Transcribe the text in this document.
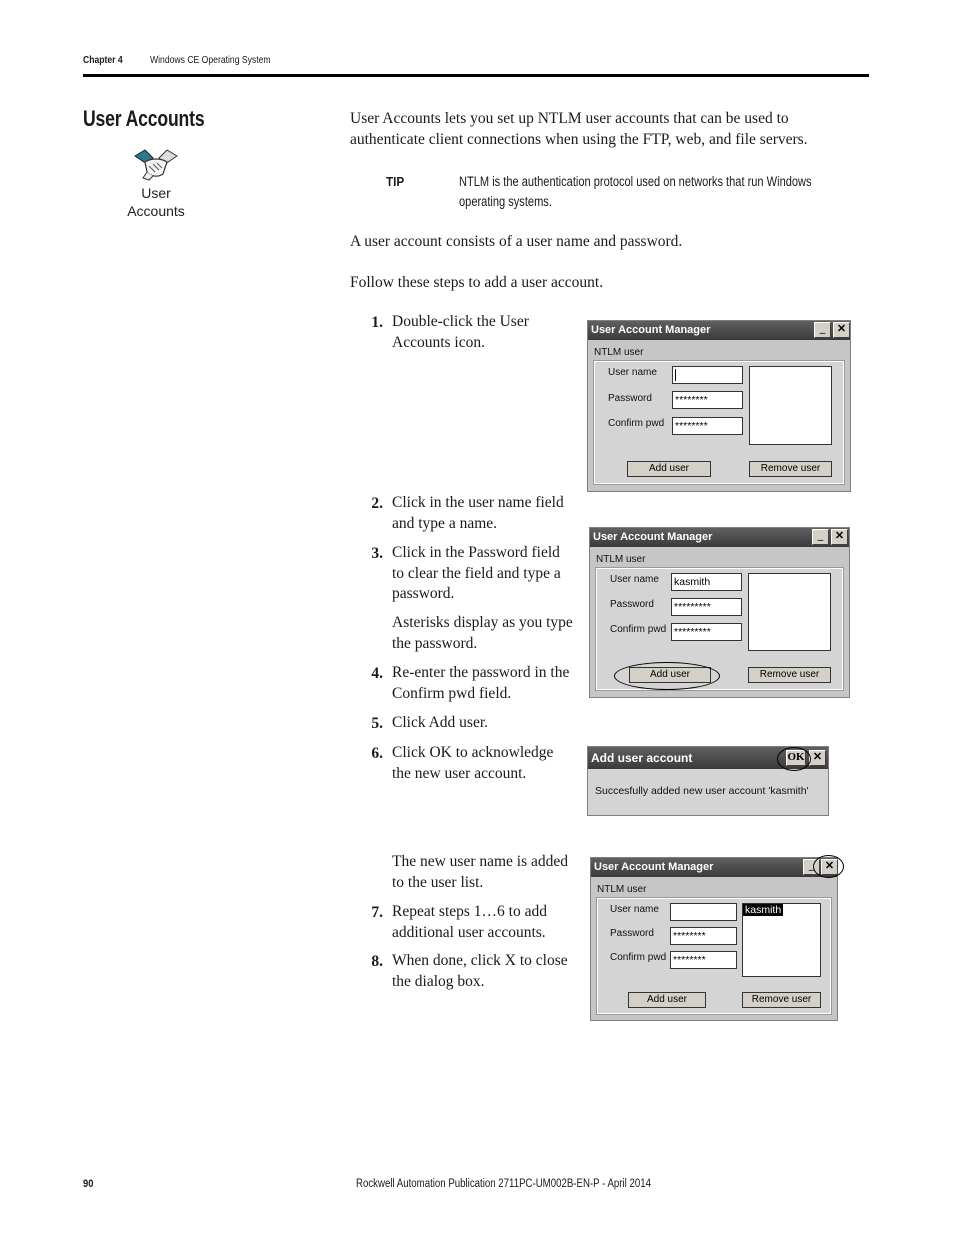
Chapter 4	Windows CE Operating System
User Accounts
User
Accounts
User Accounts lets you set up NTLM user accounts that can be used to
authenticate client connections when using the FTP, web, and file servers.
TIP	NTLM is the authentication protocol used on networks that run Windows
operating systems.
A user account consists of a user name and password.
Follow these steps to add a user account.
1. Double-click the User
Accounts icon.
2. Click in the user name field
and type a name.
3. Click in the Password field
to clear the field and type a
password.
Asterisks display as you type
the password.
4. Re-enter the password in the
Confirm pwd field.
5. Click Add user.
6. Click OK to acknowledge
the new user account.
The new user name is added
to the user list.
7. Repeat steps 1…6 to add
additional user accounts.
8. When done, click X to close
the dialog box.
User Account Manager	_	✕
NTLM user
User name
Password ********
Confirm pwd ********
Add user	Remove user
User Account Manager	_	✕
NTLM user
User name kasmith
Password *********
Confirm pwd *********
Add user	Remove user
Add user account	OK ✕
Succesfully added new user account 'kasmith'
User Account Manager	_ ✕
NTLM user
User name
Password ********
Confirm pwd ********
kasmith
Add user	Remove user
90	Rockwell Automation Publication 2711PC-UM002B-EN-P - April 2014
